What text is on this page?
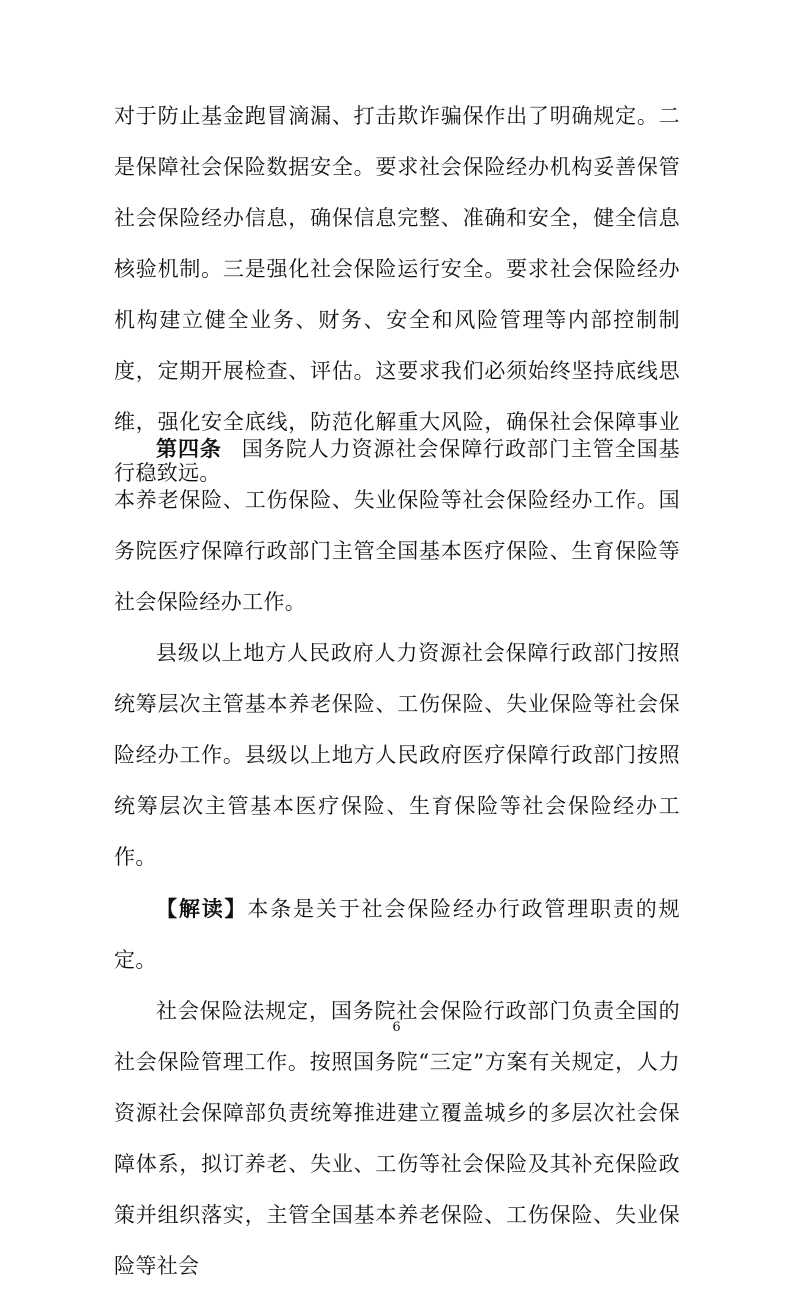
对于防止基金跑冒滴漏、打击欺诈骗保作出了明确规定。二是保障社会保险数据安全。要求社会保险经办机构妥善保管社会保险经办信息，确保信息完整、准确和安全，健全信息核验机制。三是强化社会保险运行安全。要求社会保险经办机构建立健全业务、财务、安全和风险管理等内部控制制度，定期开展检查、评估。这要求我们必须始终坚持底线思维，强化安全底线，防范化解重大风险，确保社会保障事业行稳致远。

第四条 国务院人力资源社会保障行政部门主管全国基本养老保险、工伤保险、失业保险等社会保险经办工作。国务院医疗保障行政部门主管全国基本医疗保险、生育保险等社会保险经办工作。

县级以上地方人民政府人力资源社会保障行政部门按照统筹层次主管基本养老保险、工伤保险、失业保险等社会保险经办工作。县级以上地方人民政府医疗保障行政部门按照统筹层次主管基本医疗保险、生育保险等社会保险经办工作。

【解读】本条是关于社会保险经办行政管理职责的规定。

社会保险法规定，国务院社会保险行政部门负责全国的社会保险管理工作。按照国务院“三定”方案有关规定，人力资源社会保障部负责统筹推进建立覆盖城乡的多层次社会保障体系，拟订养老、失业、工伤等社会保险及其补充保险政策并组织落实，主管全国基本养老保险、工伤保险、失业保险等社会

6
